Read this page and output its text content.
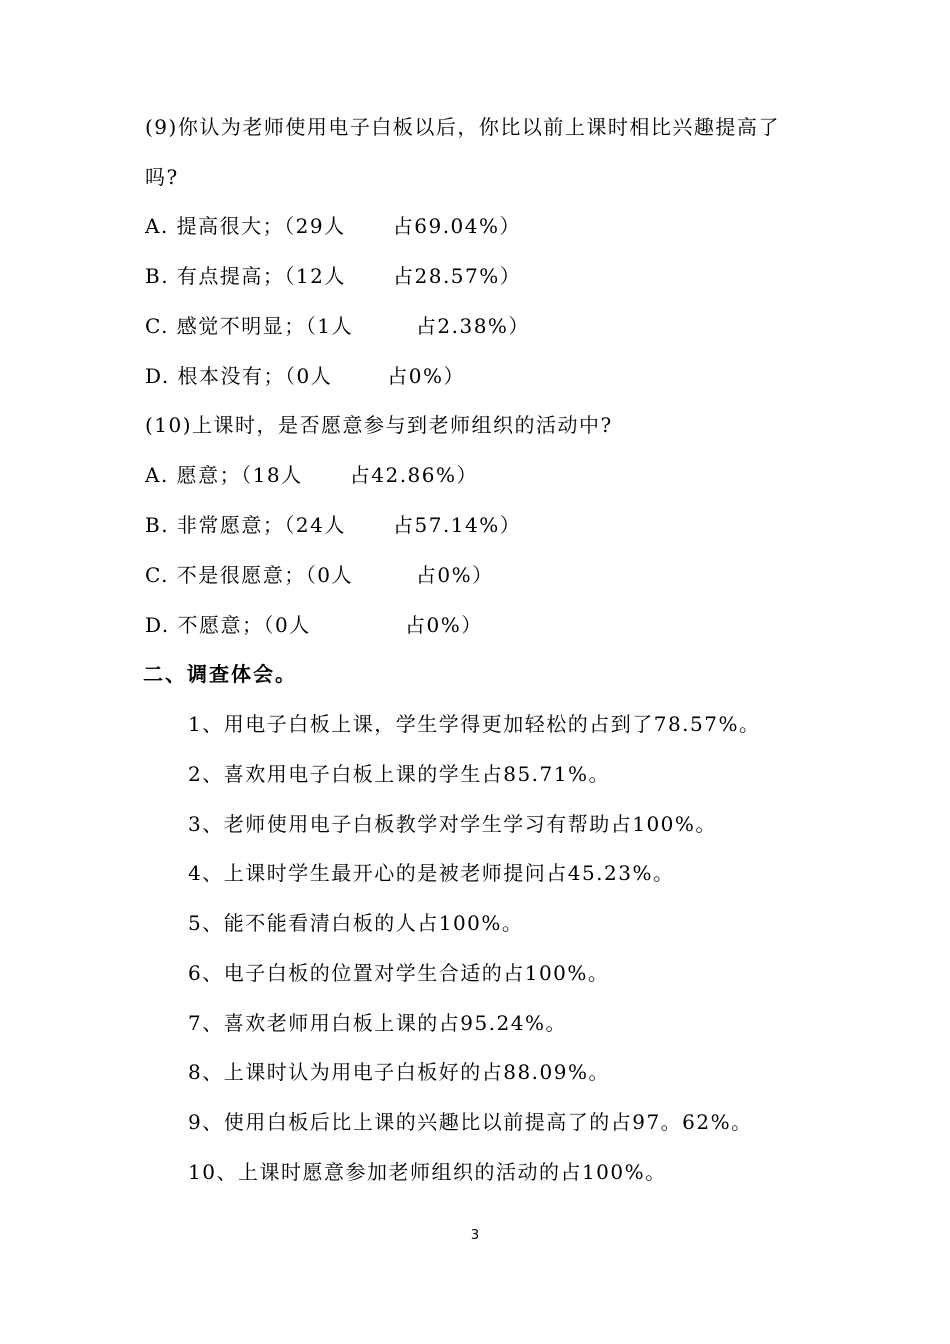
(9)你认为老师使用电子白板以后，你比以前上课时相比兴趣提高了
吗?
A. 提高很大；（29人      占69.04%）
B. 有点提高；（12人      占28.57%）
C. 感觉不明显；（1人        占2.38%）
D. 根本没有；（0人       占0%）
(10)上课时，是否愿意参与到老师组织的活动中?
A. 愿意；（18人      占42.86%）
B. 非常愿意；（24人      占57.14%）
C. 不是很愿意；（0人        占0%）
D. 不愿意；（0人            占0%）
二、调查体会。
1、用电子白板上课，学生学得更加轻松的占到了78.57%。
2、喜欢用电子白板上课的学生占85.71%。
3、老师使用电子白板教学对学生学习有帮助占100%。
4、上课时学生最开心的是被老师提问占45.23%。
5、能不能看清白板的人占100%。
6、电子白板的位置对学生合适的占100%。
7、喜欢老师用白板上课的占95.24%。
8、上课时认为用电子白板好的占88.09%。
9、使用白板后比上课的兴趣比以前提高了的占97。62%。
10、上课时愿意参加老师组织的活动的占100%。
3
